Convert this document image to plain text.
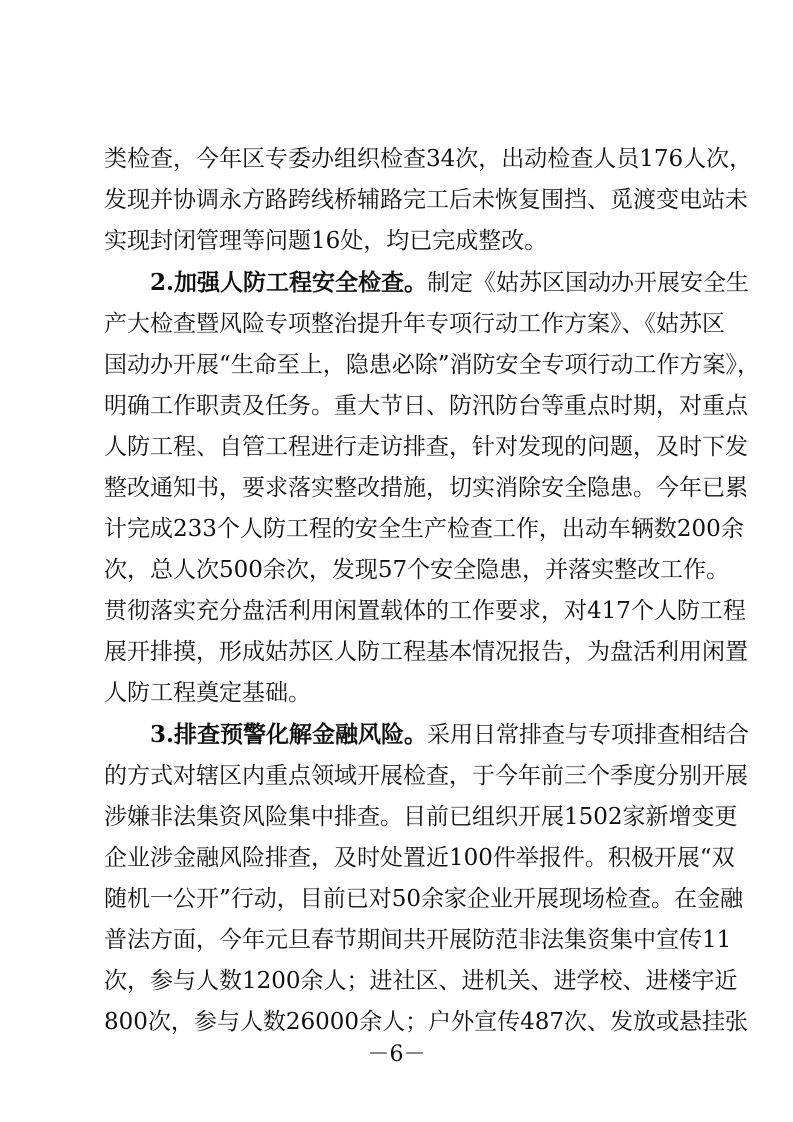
类检查，今年区专委办组织检查34次，出动检查人员176人次，
发现并协调永方路跨线桥辅路完工后未恢复围挡、觅渡变电站未
实现封闭管理等问题16处，均已完成整改。
2.加强人防工程安全检查。制定《姑苏区国动办开展安全生
产大检查暨风险专项整治提升年专项行动工作方案》、《姑苏区
国动办开展“生命至上，隐患必除”消防安全专项行动工作方案》，
明确工作职责及任务。重大节日、防汛防台等重点时期，对重点
人防工程、自管工程进行走访排查，针对发现的问题，及时下发
整改通知书，要求落实整改措施，切实消除安全隐患。今年已累
计完成233个人防工程的安全生产检查工作，出动车辆数200余
次，总人次500余次，发现57个安全隐患，并落实整改工作。
贯彻落实充分盘活利用闲置载体的工作要求，对417个人防工程
展开排摸，形成姑苏区人防工程基本情况报告，为盘活利用闲置
人防工程奠定基础。
3.排查预警化解金融风险。采用日常排查与专项排查相结合
的方式对辖区内重点领域开展检查，于今年前三个季度分别开展
涉嫌非法集资风险集中排查。目前已组织开展1502家新增变更
企业涉金融风险排查，及时处置近100件举报件。积极开展“双
随机一公开”行动，目前已对50余家企业开展现场检查。在金融
普法方面，今年元旦春节期间共开展防范非法集资集中宣传11
次，参与人数1200余人；进社区、进机关、进学校、进楼宇近
800次，参与人数26000余人；户外宣传487次、发放或悬挂张
－6－
